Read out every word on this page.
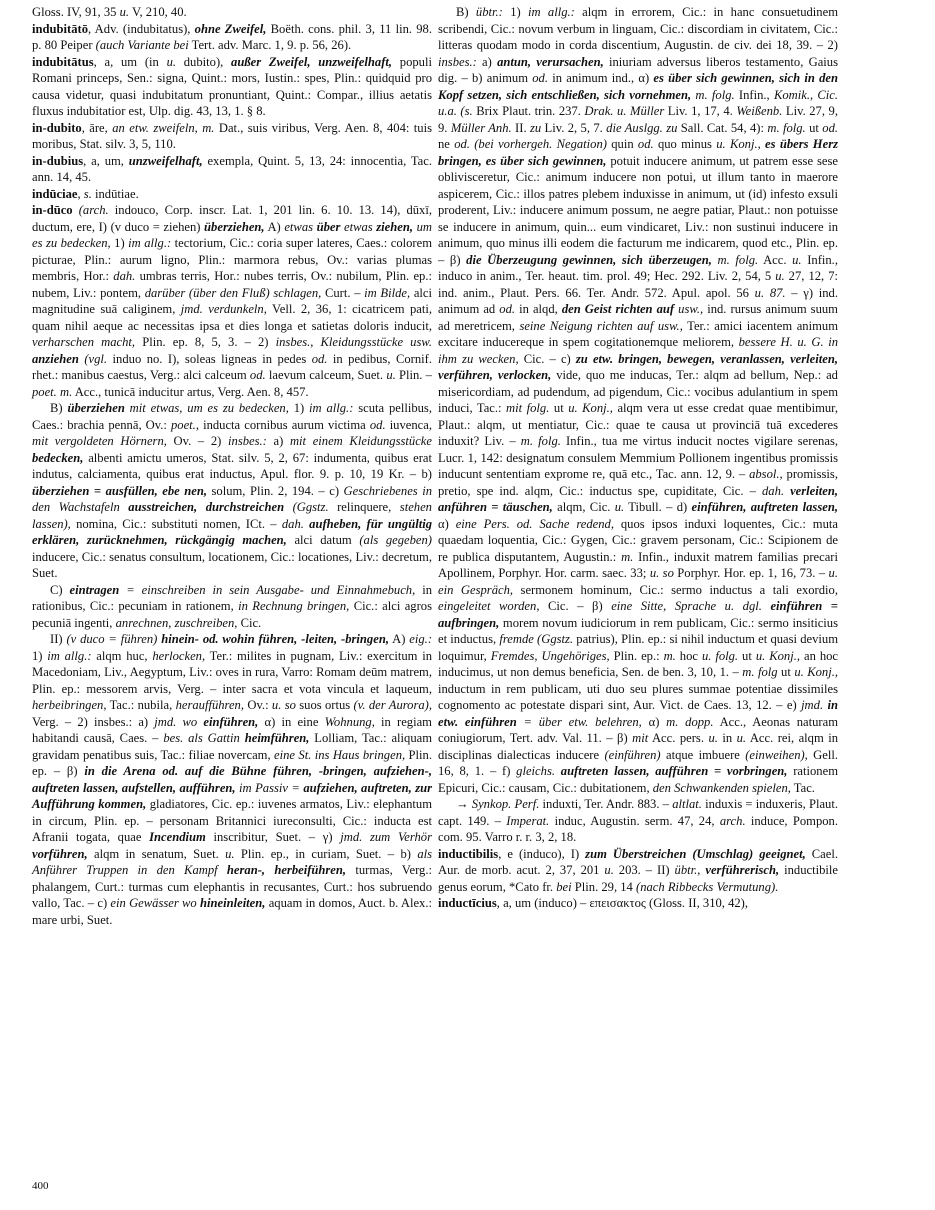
Gloss. IV, 91, 35 u. V, 210, 40.

indubitātō, Adv. (indubitatus), ohne Zweifel, Boëth. cons. phil. 3, 11 lin. 98. p. 80 Peiper (auch Variante bei Tert. adv. Marc. 1, 9. p. 56, 26).

indubitātus, a, um (in u. dubito), außer Zweifel, unzweifelhaft, populi Romani princeps, Sen.: signa, Quint.: mors, Iustin.: spes, Plin.: quidquid pro causa videtur, quasi indubitatum pronuntiant, Quint.: Compar., illius aetatis fluxus indubitatior est, Ulp. dig. 43, 13, 1. § 8.

in-dubito, āre, an etw. zweifeln, m. Dat., suis viribus, Verg. Aen. 8, 404: tuis moribus, Stat. silv. 3, 5, 110.

in-dubius, a, um, unzweifelhaft, exempla, Quint. 5, 13, 24: innocentia, Tac. ann. 14, 45.

indūciae, s. indūtiae.

in-dūco (arch. indouco, Corp. inscr. Lat. 1, 201 lin. 6. 10. 13. 14), dūxī, ductum, ere, I) (v duco = ziehen) überziehen, A) etwas über etwas ziehen, um es zu bedecken, 1) im allg.: tectorium, Cic.: coria super lateres, Caes.: colorem picturae, Plin.: aurum ligno, Plin.: marmora rebus, Ov.: varias plumas membris, Hor.: dah. umbras terris, Hor.: nubes terris, Ov.: nubilum, Plin. ep.: nubem, Liv.: pontem, darüber (über den Fluß) schlagen, Curt. – im Bilde, alci magnitudine suā caliginem, jmd. verdunkeln, Vell. 2, 36, 1: cicatricem pati, quam nihil aeque ac necessitas ipsa et dies longa et satietas doloris inducit, verharschen macht, Plin. ep. 8, 5, 3. – 2) insbes., Kleidungsstücke usw. anziehen (vgl. induo no. I), soleas ligneas in pedes od. in pedibus, Cornif. rhet.: manibus caestus, Verg.: alci calceum od. laevum calceum, Suet. u. Plin. – poet. m. Acc., tunicā inducitur artus, Verg. Aen. 8, 457.

B) überziehen mit etwas, um es zu bedecken, 1) im allg.: scuta pellibus, Caes.: brachia pennā, Ov.: poet., inducta cornibus aurum victima od. iuvenca, mit vergoldeten Hörnern, Ov. – 2) insbes.: a) mit einem Kleidungsstücke bedecken, albenti amictu umeros, Stat. silv. 5, 2, 67: indumenta, quibus erat indutus, calciamenta, quibus erat inductus, Apul. flor. 9. p. 10, 19 Kr. – b) überziehen = ausfüllen, ebe nen, solum, Plin. 2, 194. – c) Geschriebenes in den Wachstafeln ausstreichen, durchstreichen (Ggstz. relinquere, stehen lassen), nomina, Cic.: substituti nomen, ICt. – dah. aufheben, für ungültig erklären, zurücknehmen, rückgängig machen, alci datum (als gegeben) inducere, Cic.: senatus consultum, locationem, Cic.: locationes, Liv.: decretum, Suet.

C) eintragen = einschreiben in sein Ausgabe- und Einnahmebuch, in rationibus, Cic.: pecuniam in rationem, in Rechnung bringen, Cic.: alci agros pecuniā ingenti, anrechnen, zuschreiben, Cic.

II) (v duco = führen) hinein- od. wohin führen, -leiten, -bringen, A) eig.: 1) im allg.: alqm huc, herlocken, Ter.: milites in pugnam, Liv.: exercitum in Macedoniam, Liv., Aegyptum, Liv.: oves in rura, Varro: Romam deūm matrem, Plin. ep.: messorem arvis, Verg. – inter sacra et vota vincula et laqueum, herbeibringen, Tac.: nubila, heraufführen, Ov.: u. so suos ortus (v. der Aurora), Verg. – 2) insbes.: a) jmd. wo einführen, α) in eine Wohnung, in regiam habitandi causā, Caes. – bes. als Gattin heimführen, Lolliam, Tac.: aliquam gravidam penatibus suis, Tac.: filiae novercam, eine St. ins Haus bringen, Plin. ep. – β) in die Arena od. auf die Bühne führen, -bringen, aufziehen-, auftreten lassen, aufstellen, aufführen, im Passiv = aufziehen, auftreten, zur Aufführung kommen, gladiatores, Cic. ep.: iuvenes armatos, Liv.: elephantum in circum, Plin. ep. – personam Britannici iureconsulti, Cic.: inducta est Afranii togata, quae Incendium inscribitur, Suet. – γ) jmd. zum Verhör vorführen, alqm in senatum, Suet. u. Plin. ep., in curiam, Suet. – b) als Anführer Truppen in den Kampf heran-, herbeiführen, turmas, Verg.: phalangem, Curt.: turmas cum elephantis in recusantes, Curt.: hos subruendo vallo, Tac. – c) ein Gewässer wo hineinleiten, aquam in domos, Auct. b. Alex.: mare urbi, Suet.

B) übtr.: 1) im allg.: alqm in errorem, Cic.: in hanc consuetudinem scribendi, Cic.: novum verbum in linguam, Cic.: discordiam in civitatem, Cic.: litteras quodam modo in corda discentium, Augustin. de civ. dei 18, 39. – 2) insbes.: a) antun, verursachen, iniuriam adversus liberos testamento, Gaius dig. – b) animum od. in animum ind., α) es über sich gewinnen, sich in den Kopf setzen, sich entschließen, sich vornehmen, m. folg. Infin., Komik., Cic. u.a. (s. Brix Plaut. trin. 237. Drak. u. Müller Liv. 1, 17, 4. Weißenb. Liv. 27, 9, 9. Müller Anh. II. zu Liv. 2, 5, 7. die Auslgg. zu Sall. Cat. 54, 4): m. folg. ut od. ne od. (bei vorhergeh. Negation) quin od. quo minus u. Konj., es übers Herz bringen, es über sich gewinnen, potuit inducere animum, ut patrem esse sese oblivisceretur, Cic.: animum inducere non potui, ut illum tanto in maerore aspicerem, Cic.: illos patres plebem induxisse in animum, ut (id) infesto exsuli proderent, Liv.: inducere animum possum, ne aegre patiar, Plaut.: non potuisse se inducere in animum, quin... eum vindicaret, Liv.: non sustinui inducere in animum, quo minus illi eodem die facturum me indicarem, quod etc., Plin. ep. – β) die Überzeugung gewinnen, sich überzeugen, m. folg. Acc. u. Infin., induco in anim., Ter. heaut. tim. prol. 49; Hec. 292. Liv. 2, 54, 5 u. 27, 12, 7: ind. anim., Plaut. Pers. 66. Ter. Andr. 572. Apul. apol. 56 u. 87. – γ) ind. animum ad od. in alqd, den Geist richten auf usw., ind. rursus animum suum ad meretricem, seine Neigung richten auf usw., Ter.: amici iacentem animum excitare inducereque in spem cogitationemque meliorem, bessere H. u. G. in ihm zu wecken, Cic. – c) zu etw. bringen, bewegen, veranlassen, verleiten, verführen, verlocken, vide, quo me inducas, Ter.: alqm ad bellum, Nep.: ad misericordiam, ad pudendum, ad pigendum, Cic.: vocibus adulantium in spem induci, Tac.: mit folg. ut u. Konj., alqm vera ut esse credat quae mentibimur, Plaut.: alqm, ut mentiatur, Cic.: quae te causa ut provinciā tuā excederes induxit? Liv. – m. folg. Infin., tua me virtus inducit noctes vigilare serenas, Lucr. 1, 142: designatum consulem Memmium Pollionem ingentibus promissis inducunt sententiam exprome re, quā etc., Tac. ann. 12, 9. – absol., promissis, pretio, spe ind. alqm, Cic.: inductus spe, cupiditate, Cic. – dah. verleiten, anführen = täuschen, alqm, Cic. u. Tibull. – d) einführen, auftreten lassen, α) eine Pers. od. Sache redend, quos ipsos induxi loquentes, Cic.: muta quaedam loquentia, Cic.: Gygen, Cic.: gravem personam, Cic.: Scipionem de re publica disputantem, Augustin.: m. Infin., induxit matrem familias precari Apollinem, Porphyr. Hor. carm. saec. 33; u. so Porphyr. Hor. ep. 1, 16, 73. – u. ein Gespräch, sermonem hominum, Cic.: sermo inductus a tali exordio, eingeleitet worden, Cic. – β) eine Sitte, Sprache u. dgl. einführen = aufbringen, morem novum iudiciorum in rem publicam, Cic.: sermo insiticius et inductus, fremde (Ggstz. patrius), Plin. ep.: si nihil inductum et quasi devium loquimur, Fremdes, Ungehöriges, Plin. ep.: m. hoc u. folg. ut u. Konj., an hoc inducimus, ut non demus beneficia, Sen. de ben. 3, 10, 1. – m. folg ut u. Konj., inductum in rem publicam, uti duo seu plures summae potentiae dissimiles cognomento ac potestate dispari sint, Aur. Vict. de Caes. 13, 12. – e) jmd. in etw. einführen = über etw. belehren, α) m. dopp. Acc., Aeonas naturam coniugiorum, Tert. adv. Val. 11. – β) mit Acc. pers. u. in u. Acc. rei, alqm in disciplinas dialecticas inducere (einführen) atque imbuere (einweihen), Gell. 16, 8, 1. – f) gleichs. auftreten lassen, aufführen = vorbringen, rationem Epicuri, Cic.: causam, Cic.: dubitationem, den Schwankenden spielen, Tac.

→ Synkop. Perf. induxti, Ter. Andr. 883. – altlat. induxis = induxeris, Plaut. capt. 149. – Imperat. induc, Augustin. serm. 47, 24, arch. induce, Pompon. com. 95. Varro r. r. 3, 2, 18.

inductibilis, e (induco), I) zum Überstreichen (Umschlag) geeignet, Cael. Aur. de morb. acut. 2, 37, 201 u. 203. – II) übtr., verführerisch, inductibile genus eorum, *Cato fr. bei Plin. 29, 14 (nach Ribbecks Vermutung).

inductīcius, a, um (induco) – επεισακτος (Gloss. II, 310, 42),

400
